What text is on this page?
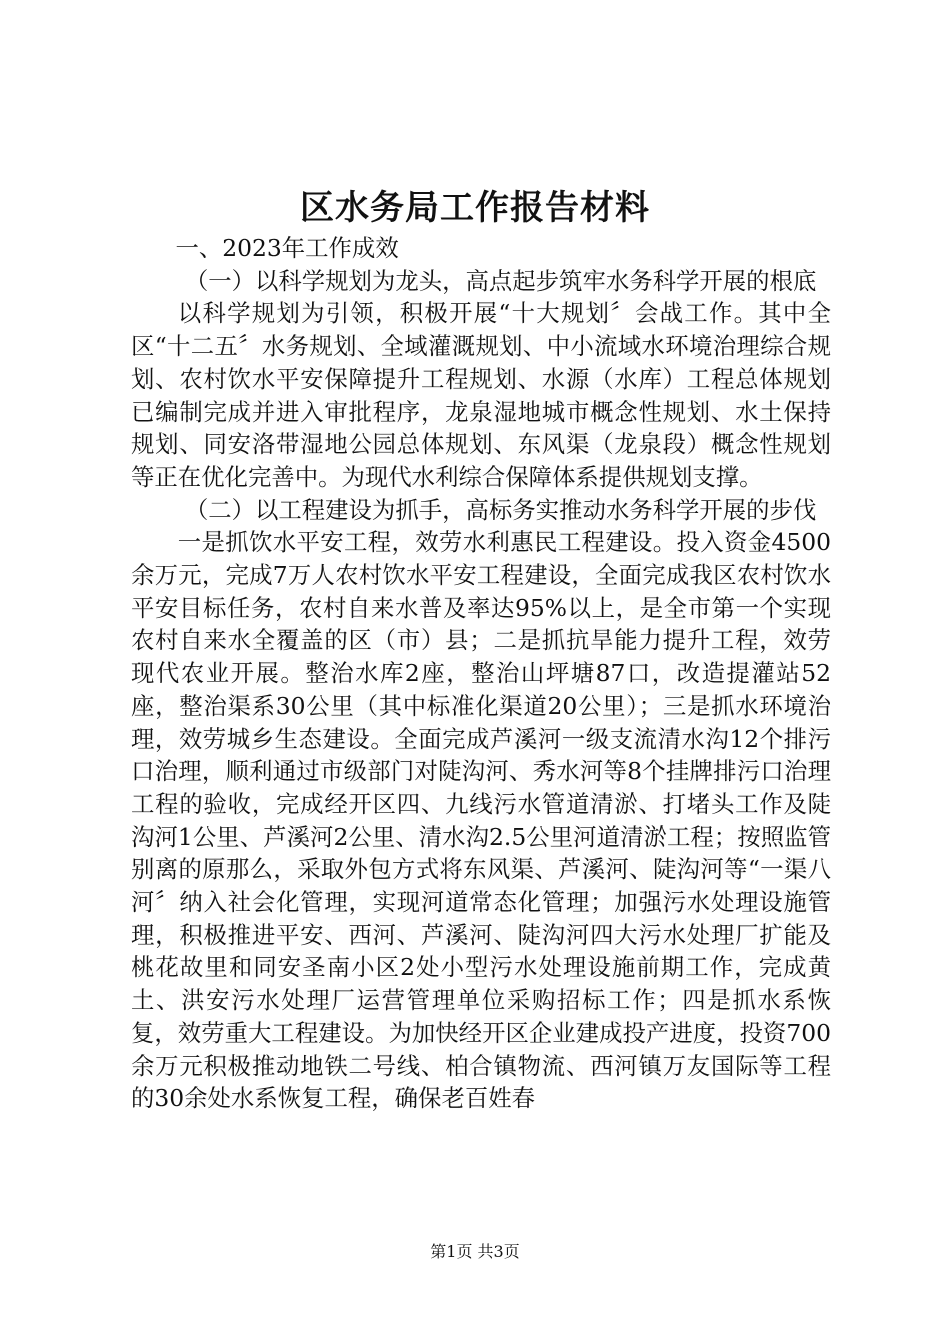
区水务局工作报告材料

一、2023年工作成效

（一）以科学规划为龙头，高点起步筑牢水务科学开展的根底

以科学规划为引领，积极开展“十大规划〞会战工作。其中全区“十二五〞水务规划、全域灌溉规划、中小流域水环境治理综合规划、农村饮水平安保障提升工程规划、水源（水库）工程总体规划已编制完成并进入审批程序，龙泉湿地城市概念性规划、水土保持规划、同安洛带湿地公园总体规划、东风渠（龙泉段）概念性规划等正在优化完善中。为现代水利综合保障体系提供规划支撑。

（二）以工程建设为抓手，高标务实推动水务科学开展的步伐

一是抓饮水平安工程，效劳水利惠民工程建设。投入资金4500余万元，完成7万人农村饮水平安工程建设，全面完成我区农村饮水平安目标任务，农村自来水普及率达95%以上，是全市第一个实现农村自来水全覆盖的区（市）县；二是抓抗旱能力提升工程，效劳现代农业开展。整治水库2座，整治山坪塘87口，改造提灌站52座，整治渠系30公里（其中标准化渠道20公里）；三是抓水环境治理，效劳城乡生态建设。全面完成芦溪河一级支流清水沟12个排污口治理，顺利通过市级部门对陡沟河、秀水河等8个挂牌排污口治理工程的验收，完成经开区四、九线污水管道清淤、打堵头工作及陡沟河1公里、芦溪河2公里、清水沟2.5公里河道清淤工程；按照监管别离的原那么，采取外包方式将东风渠、芦溪河、陡沟河等“一渠八河〞纳入社会化管理，实现河道常态化管理；加强污水处理设施管理，积极推进平安、西河、芦溪河、陡沟河四大污水处理厂扩能及桃花故里和同安圣南小区2处小型污水处理设施前期工作，完成黄土、洪安污水处理厂运营管理单位采购招标工作；四是抓水系恢复，效劳重大工程建设。为加快经开区企业建成投产进度，投资700余万元积极推动地铁二号线、柏合镇物流、西河镇万友国际等工程的30余处水系恢复工程，确保老百姓春

第1页 共3页
